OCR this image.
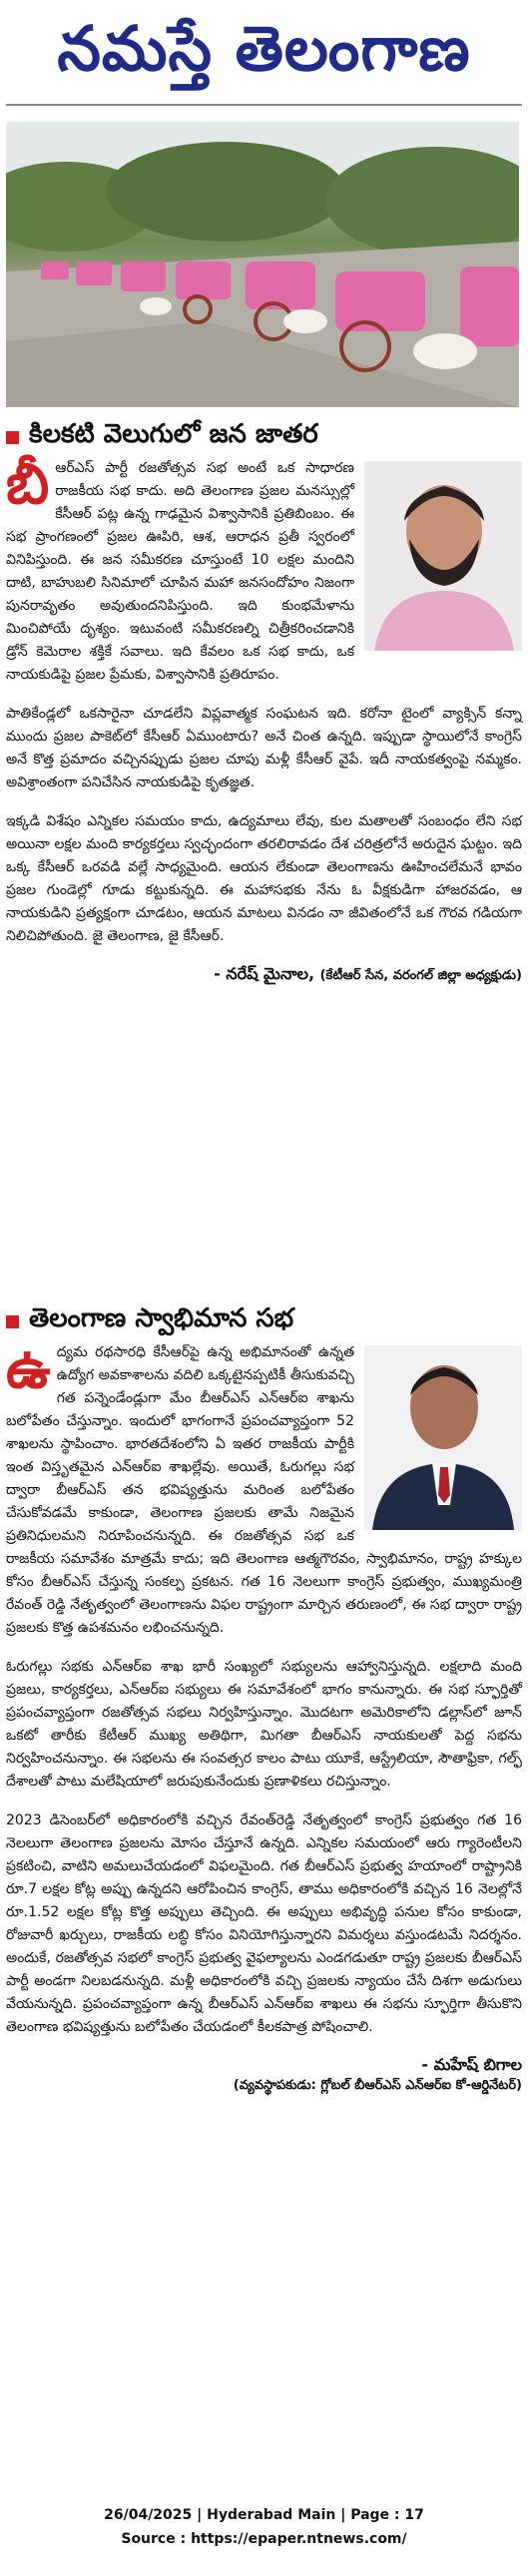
నమస్తే తెలంగాణ
కిలకటి వెలుగులో జన జాతర

బీఆర్ఎస్ పార్టీ రజతోత్సవ సభ అంటే ఒక సాధారణ రాజకీయ సభ కాదు. అది తెలంగాణ ప్రజల మనస్సుల్లో కేసీఆర్ పట్ల ఉన్న గాఢమైన విశ్వాసానికి ప్రతిబింబం. ఈ సభ ప్రాంగణంలో ప్రజల ఊపిరి, ఆశ, ఆరాధన ప్రతీ స్వరంలో వినిపిస్తుంది. ఈ జన సమీకరణ చూస్తుంటే 10 లక్షల మందిని దాటి, బాహుబలి సినిమాలో చూపిన మహా జనసందోహం నిజంగా పునరావృతం అవుతుందనిపిస్తుంది. ఇది కుంభమేళాను మించిపోయే దృశ్యం. ఇటువంటి సమీకరణల్ని చిత్రీకరించడానికి డ్రోన్ కెమెరాల శక్తికే సవాలు. ఇది కేవలం ఒక సభ కాదు, ఒక నాయకుడిపై ప్రజల ప్రేమకు, విశ్వాసానికి ప్రతిరూపం.

పాతికేండ్లలో ఒకసారైనా చూడలేని విప్లవాత్మక సంఘటన ఇది. కరోనా టైంలో వ్యాక్సిన్ కన్నా ముందు ప్రజల పాకెట్‌లో కేసీఆర్ ఏముంటారు? అనే చింత ఉన్నది. ఇప్పుడా స్థాయిలోనే కాంగ్రెస్ అనే కొత్త ప్రమాదం వచ్చినప్పుడు ప్రజల చూపు మళ్లీ కేసీఆర్ వైపే. ఇదీ నాయకత్వంపై నమ్మకం. అవిశ్రాంతంగా పనిచేసిన నాయకుడిపై కృతజ్ఞత.

ఇక్కడి విశేషం ఎన్నికల సమయం కాదు, ఉద్యమాలు లేవు, కుల మతాలతో సంబంధం లేని సభ అయినా లక్షల మంది కార్యకర్తలు స్వచ్ఛందంగా తరలిరావడం దేశ చరిత్రలోనే అరుదైన ఘట్టం. ఇది ఒక్క కేసీఆర్ ఒరవడి వల్లే సాధ్యమైంది. ఆయన లేకుండా తెలంగాణను ఊహించలేమనే భావం ప్రజల గుండెల్లో గూడు కట్టుకున్నది. ఈ మహాసభకు నేను ఓ వీక్షకుడిగా హాజరవడం, ఆ నాయకుడిని ప్రత్యక్షంగా చూడటం, ఆయన మాటలు వినడం నా జీవితంలోనే ఒక గౌరవ గడియగా నిలిచిపోతుంది. జై తెలంగాణ, జై కేసీఆర్.

- నరేష్ మైనాల, (కేటీఆర్ సేన, వరంగల్ జిల్లా అధ్యక్షుడు)
తెలంగాణ స్వాభిమాన సభ

ఉద్యమ రథసారధి కేసీఆర్‌పై ఉన్న అభిమానంతో ఉన్నత ఉద్యోగ అవకాశాలను వదిలి ఒక్కటైనప్పటికీ తీసుకువచ్చి గత పన్నెండేండ్లుగా మేం బీఆర్ఎస్ ఎన్ఆర్ఐ శాఖను బలోపేతం చేస్తున్నాం. ఇందులో భాగంగానే ప్రపంచవ్యాప్తంగా 52 శాఖలను స్థాపించాం. భారతదేశంలోని ఏ ఇతర రాజకీయ పార్టీకి ఇంత విస్తృతమైన ఎన్ఆర్ఐ శాఖల్లేవు. అయితే, ఓరుగల్లు సభ ద్వారా బీఆర్ఎస్ తన భవిష్యత్తును మరింత బలోపేతం చేసుకోవడమే కాకుండా, తెలంగాణ ప్రజలకు తామే నిజమైన ప్రతినిధులమని నిరూపించనున్నది. ఈ రజతోత్సవ సభ ఒక రాజకీయ సమావేశం మాత్రమే కాదు; ఇది తెలంగాణ ఆత్మగౌరవం, స్వాభిమానం, రాష్ట్ర హక్కుల కోసం బీఆర్ఎస్ చేస్తున్న సంకల్ప ప్రకటన. గత 16 నెలలుగా కాంగ్రెస్ ప్రభుత్వం, ముఖ్యమంత్రి రేవంత్ రెడ్డి నేతృత్వంలో తెలంగాణను విఫల రాష్ట్రంగా మార్చిన తరుణంలో, ఈ సభ ద్వారా రాష్ట్ర ప్రజలకు కొత్త ఉపశమనం లభించనున్నది.

ఓరుగల్లు సభకు ఎన్ఆర్ఐ శాఖ భారీ సంఖ్యలో సభ్యులను ఆహ్వానిస్తున్నది. లక్షలాది మంది ప్రజలు, కార్యకర్తలు, ఎన్ఆర్ఐ సభ్యులు ఈ సమావేశంలో భాగం కానున్నారు. ఈ సభ స్ఫూర్తితో ప్రపంచవ్యాప్తంగా రజతోత్సవ సభలు నిర్వహిస్తున్నాం. మొదటగా అమెరికాలోని డల్లాస్‌లో జూన్ ఒకటో తారీకు కేటీఆర్ ముఖ్య అతిథిగా, మిగతా బీఆర్ఎస్ నాయకులతో పెద్ద సభను నిర్వహించనున్నాం. ఈ సభలను ఈ సంవత్సర కాలం పాటు యూకే, ఆస్ట్రేలియా, సౌతాఫ్రికా, గల్ఫ్ దేశాలతో పాటు మలేషియాలో జరుపుకునేందుకు ప్రణాళికలు రచిస్తున్నాం.

2023 డిసెంబర్‌లో అధికారంలోకి వచ్చిన రేవంత్‌రెడ్డి నేతృత్వంలో కాంగ్రెస్ ప్రభుత్వం గత 16 నెలలుగా తెలంగాణ ప్రజలను మోసం చేస్తూనే ఉన్నది. ఎన్నికల సమయంలో ఆరు గ్యారెంటీలని ప్రకటించి, వాటిని అమలుచేయడంలో విఫలమైంది. గత బీఆర్ఎస్ ప్రభుత్వ హయాంలో రాష్ట్రానికి రూ.7 లక్షల కోట్ల అప్పు ఉన్నదని ఆరోపించిన కాంగ్రెస్, తాము అధికారంలోకి వచ్చిన 16 నెలల్లోనే రూ.1.52 లక్షల కోట్ల కొత్త అప్పులు తెచ్చింది. ఈ అప్పులు అభివృద్ధి పనుల కోసం కాకుండా, రోజువారీ ఖర్చులు, రాజకీయ లబ్ధి కోసం వినియోగిస్తున్నారని విమర్శలు వస్తుండటమే నిదర్శనం. అందుకే, రజతోత్సవ సభలో కాంగ్రెస్ ప్రభుత్వ వైఫల్యాలను ఎండగడుతూ రాష్ట్ర ప్రజలకు బీఆర్ఎస్ పార్టీ అండగా నిలబడనున్నది. మళ్లీ అధికారంలోకి వచ్చి ప్రజలకు న్యాయం చేసే దిశగా అడుగులు వేయనున్నది. ప్రపంచవ్యాప్తంగా ఉన్న బీఆర్ఎస్ ఎన్ఆర్ఐ శాఖలు ఈ సభను స్ఫూర్తిగా తీసుకొని తెలంగాణ భవిష్యత్తును బలోపేతం చేయడంలో కీలకపాత్ర పోషించాలి.

- మహేష్ బిగాల
(వ్యవస్థాపకుడు: గ్లోబల్ బీఆర్ఎస్ ఎన్ఆర్ఐ కో-ఆర్డినేటర్)
26/04/2025 | Hyderabad Main | Page : 17
Source : https://epaper.ntnews.com/
